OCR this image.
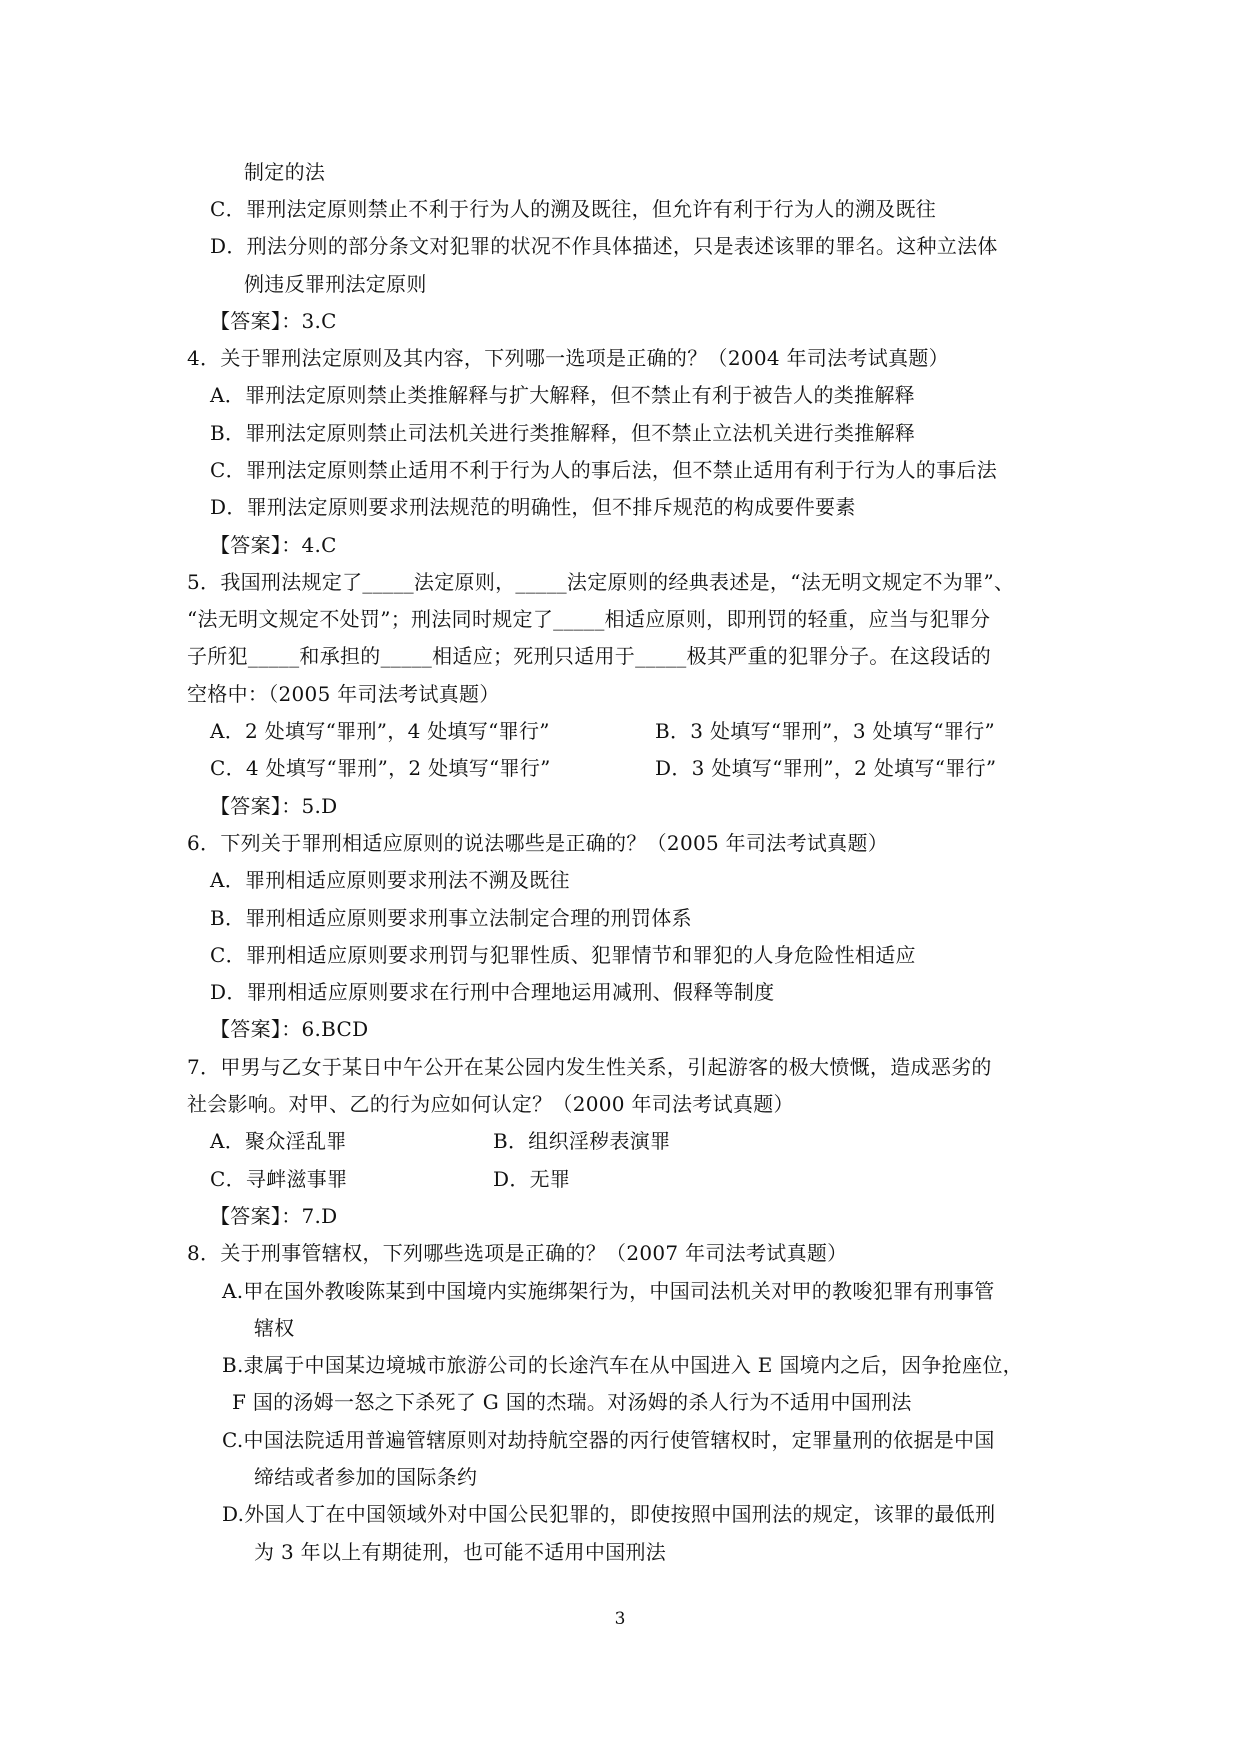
制定的法
C．罪刑法定原则禁止不利于行为人的溯及既往，但允许有利于行为人的溯及既往
D．刑法分则的部分条文对犯罪的状况不作具体描述，只是表述该罪的罪名。这种立法体
例违反罪刑法定原则
【答案】：3.C
4．关于罪刑法定原则及其内容，下列哪一选项是正确的？（2004 年司法考试真题）
A．罪刑法定原则禁止类推解释与扩大解释，但不禁止有利于被告人的类推解释
B．罪刑法定原则禁止司法机关进行类推解释，但不禁止立法机关进行类推解释
C．罪刑法定原则禁止适用不利于行为人的事后法，但不禁止适用有利于行为人的事后法
D．罪刑法定原则要求刑法规范的明确性，但不排斥规范的构成要件要素
【答案】：4.C
5．我国刑法规定了_____法定原则，_____法定原则的经典表述是，“法无明文规定不为罪”、
“法无明文规定不处罚”；刑法同时规定了_____相适应原则，即刑罚的轻重，应当与犯罪分
子所犯_____和承担的_____相适应；死刑只适用于_____极其严重的犯罪分子。在这段话的
空格中：（2005 年司法考试真题）
A．2 处填写“罪刑”，4 处填写“罪行”	B．3 处填写“罪刑”，3 处填写“罪行”
C．4 处填写“罪刑”，2 处填写“罪行”	D．3 处填写“罪刑”，2 处填写“罪行”
【答案】：5.D
6．下列关于罪刑相适应原则的说法哪些是正确的？（2005 年司法考试真题）
A．罪刑相适应原则要求刑法不溯及既往
B．罪刑相适应原则要求刑事立法制定合理的刑罚体系
C．罪刑相适应原则要求刑罚与犯罪性质、犯罪情节和罪犯的人身危险性相适应
D．罪刑相适应原则要求在行刑中合理地运用减刑、假释等制度
【答案】：6.BCD
7．甲男与乙女于某日中午公开在某公园内发生性关系，引起游客的极大愤慨，造成恶劣的
社会影响。对甲、乙的行为应如何认定？（2000 年司法考试真题）
A．聚众淫乱罪	B．组织淫秽表演罪
C．寻衅滋事罪	D．无罪
【答案】：7.D
8．关于刑事管辖权，下列哪些选项是正确的？（2007 年司法考试真题）
A.甲在国外教唆陈某到中国境内实施绑架行为，中国司法机关对甲的教唆犯罪有刑事管
辖权
B.隶属于中国某边境城市旅游公司的长途汽车在从中国进入 E 国境内之后，因争抢座位，
F 国的汤姆一怒之下杀死了 G 国的杰瑞。对汤姆的杀人行为不适用中国刑法
C.中国法院适用普遍管辖原则对劫持航空器的丙行使管辖权时，定罪量刑的依据是中国
缔结或者参加的国际条约
D.外国人丁在中国领域外对中国公民犯罪的，即使按照中国刑法的规定，该罪的最低刑
为 3 年以上有期徒刑，也可能不适用中国刑法
3
